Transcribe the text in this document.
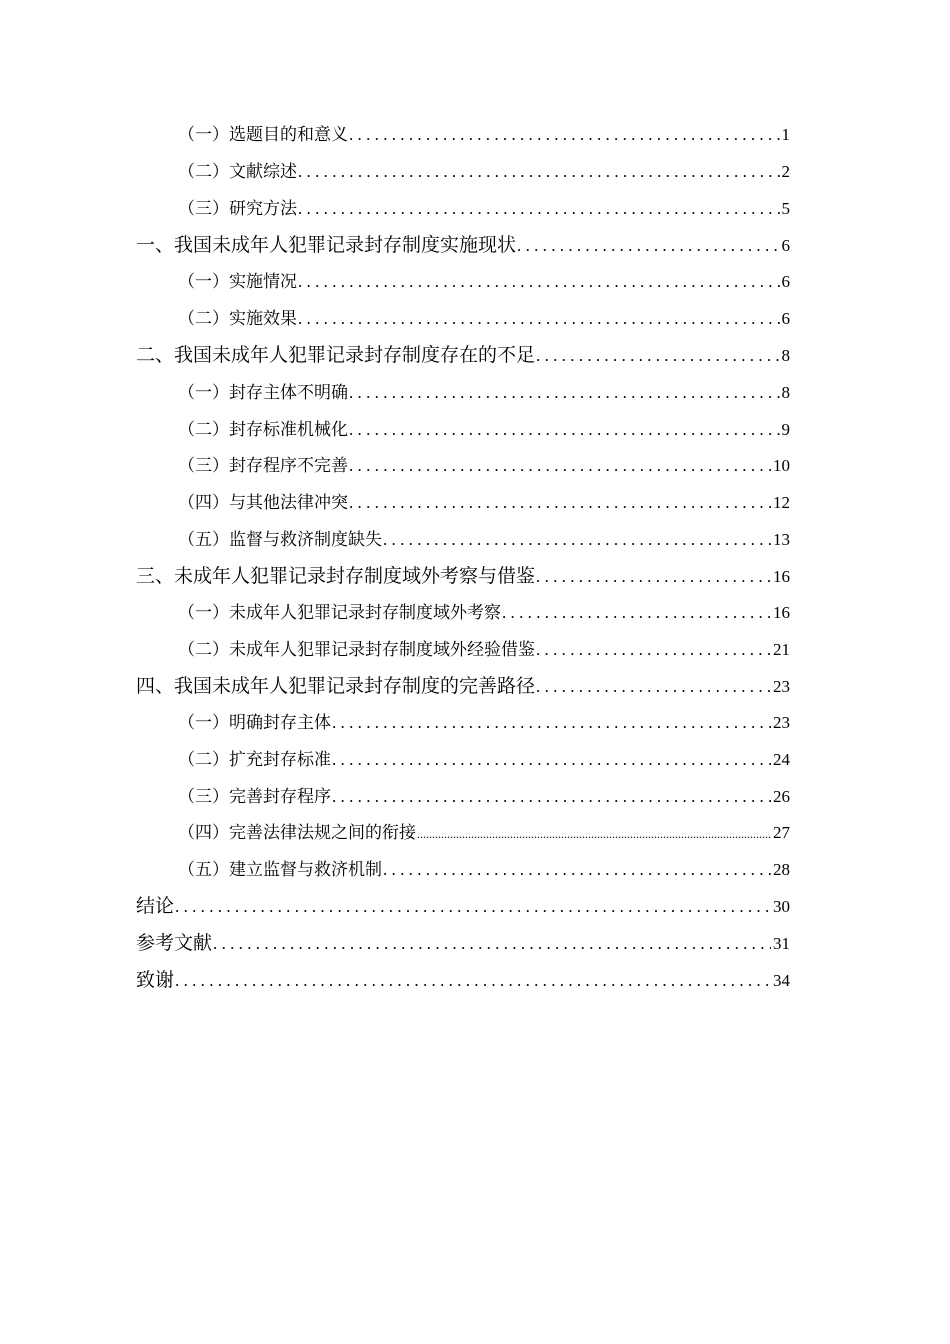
（一）选题目的和意义 .....	1
（二）文献综述 .....	2
（三）研究方法 .....	5
一、我国未成年人犯罪记录封存制度实施现状 .....	6
（一）实施情况 .....	6
（二）实施效果 .....	6
二、我国未成年人犯罪记录封存制度存在的不足 .....	8
（一）封存主体不明确 .....	8
（二）封存标准机械化 .....	9
（三）封存程序不完善 .....	10
（四）与其他法律冲突 .....	12
（五）监督与救济制度缺失 .....	13
三、未成年人犯罪记录封存制度域外考察与借鉴 .....	16
（一）未成年人犯罪记录封存制度域外考察 .....	16
（二）未成年人犯罪记录封存制度域外经验借鉴 .....	21
四、我国未成年人犯罪记录封存制度的完善路径 .....	23
（一）明确封存主体 .....	23
（二）扩充封存标准 .....	24
（三）完善封存程序 .....	26
（四）完善法律法规之间的衔接 .....	27
（五）建立监督与救济机制 .....	28
结论 .....	30
参考文献 .....	31
致谢 .....	34
